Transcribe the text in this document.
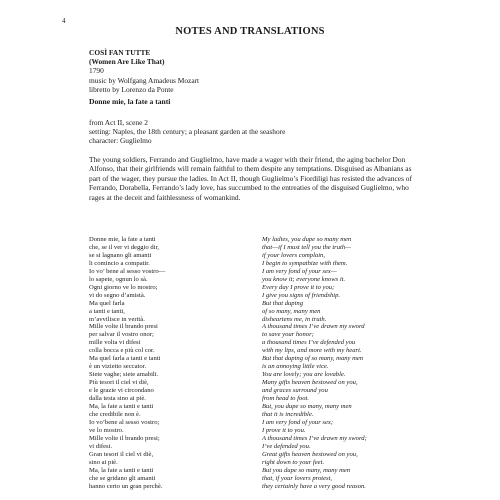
4
NOTES AND TRANSLATIONS
COSÌ FAN TUTTE
(Women Are Like That)
1790
music by Wolfgang Amadeus Mozart
libretto by Lorenzo da Ponte
Donne mie, la fate a tanti
from Act II, scene 2
setting: Naples, the 18th century; a pleasant garden at the seashore
character: Guglielmo

The young soldiers, Ferrando and Guglielmo, have made a wager with their friend, the aging bachelor Don Alfonso, that their girlfriends will remain faithful to them despite any temptations. Disguised as Albanians as part of the wager, they pursue the ladies. In Act II, though Guglielmo’s Fiordiligi has resisted the advances of Ferrando, Dorabella, Ferrando’s lady love, has succumbed to the entreaties of the disguised Guglielmo, who rages at the deceit and faithlessness of womankind.

Donne mie, la fate a tanti
che, se il ver vi deggio dir,
se si lagnano gli amanti
li comincio a compatir.
Io vo’ bene al sesso vostro—
lo sapete, ognun lo sà.
Ogni giorno ve lo mostro;
vi do segno d’amistà.
Ma quel farla
a tanti e tanti,
m’avvilisce in verità.
Mille volte il brando presi
per salvar il vostro onor;
mille volta vi difesi
colla bocca e più col cor.
Ma quel farla a tanti e tanti
è un vizietto seccator.
Siete vaghe; siete amabili.
Più tesori il ciel vi diè,
e le grazie vi circondano
dalla testa sino ai piè.
Ma, la fate a tanti e tanti
che credibile non è.
Io vo’bene al sesso vostro;
ve lo mostro.
Mille volte il brando presi;
vi difesi.
Gran tesori il ciel vi diè,
sino ai piè.
Ma, la fate a tanti e tanti
che se gridano gli amanti
hanno certo un gran perchè.
My ladies, you dupe so many men
that—if I must tell you the truth—
if your lovers complain,
I begin to sympathize with them.
I am very fond of your sex—
you know it; everyone knows it.
Every day I prove it to you;
I give you signs of friendship.
But that duping
of so many, many men
disheartens me, in truth.
A thousand times I’ve drawn my sword
to save your honor;
a thousand times I’ve defended you
with my lips, and more with my heart.
But that duping of so many, many men
is an annoying little vice.
You are lovely; you are lovable.
Many gifts heaven bestowed on you,
and graces surround you
from head to foot.
But, you dupe so many, many men
that it is incredible.
I am very fond of your sex;
I prove it to you.
A thousand times I’ve drawn my sword;
I’ve defended you.
Great gifts heaven bestowed on you,
right down to your feet.
But you dupe so many, many men
that, if your lovers protest,
they certainly have a very good reason.
